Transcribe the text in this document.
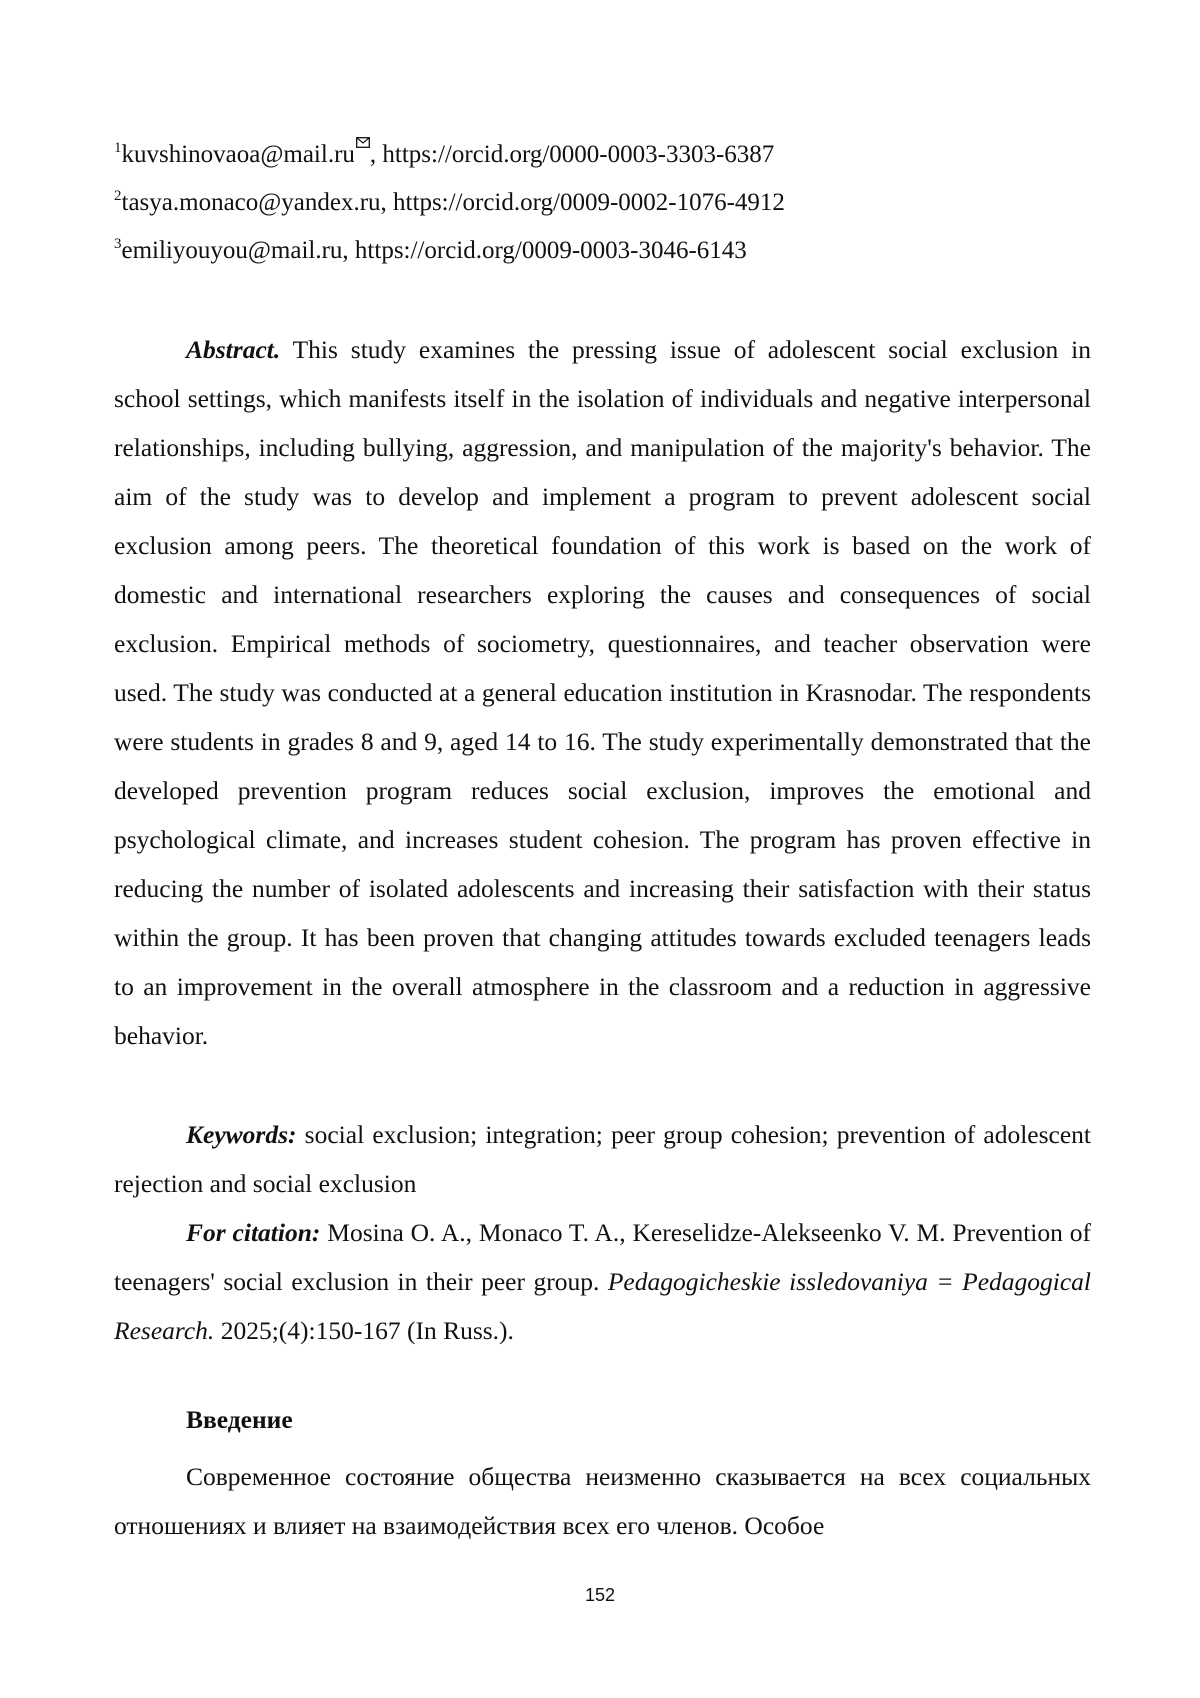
$^1$kuvshinovaoa@mail.ru , https://orcid.org/0000-0003-3303-6387
$^2$tasya.monaco@yandex.ru, https://orcid.org/0009-0002-1076-4912
$^3$emiliyouyou@mail.ru, https://orcid.org/0009-0003-3046-6143

Abstract. This study examines the pressing issue of adolescent social exclusion in school settings, which manifests itself in the isolation of individuals and negative interpersonal relationships, including bullying, aggression, and manipulation of the majority's behavior. The aim of the study was to develop and implement a program to prevent adolescent social exclusion among peers. The theoretical foundation of this work is based on the work of domestic and international researchers exploring the causes and consequences of social exclusion. Empirical methods of sociometry, questionnaires, and teacher observation were used. The study was conducted at a general education institution in Krasnodar. The respondents were students in grades 8 and 9, aged 14 to 16. The study experimentally demonstrated that the developed prevention program reduces social exclusion, improves the emotional and psychological climate, and increases student cohesion. The program has proven effective in reducing the number of isolated adolescents and increasing their satisfaction with their status within the group. It has been proven that changing attitudes towards excluded teenagers leads to an improvement in the overall atmosphere in the classroom and a reduction in aggressive behavior.

Keywords: social exclusion; integration; peer group cohesion; prevention of adolescent rejection and social exclusion

For citation: Mosina O. A., Monaco T. A., Kereselidze-Alekseenko V. M. Prevention of teenagers' social exclusion in their peer group. Pedagogicheskie issledovaniya = Pedagogical Research. 2025;(4):150-167 (In Russ.).

Введение

Современное состояние общества неизменно сказывается на всех социальных отношениях и влияет на взаимодействия всех его членов. Особое

152
